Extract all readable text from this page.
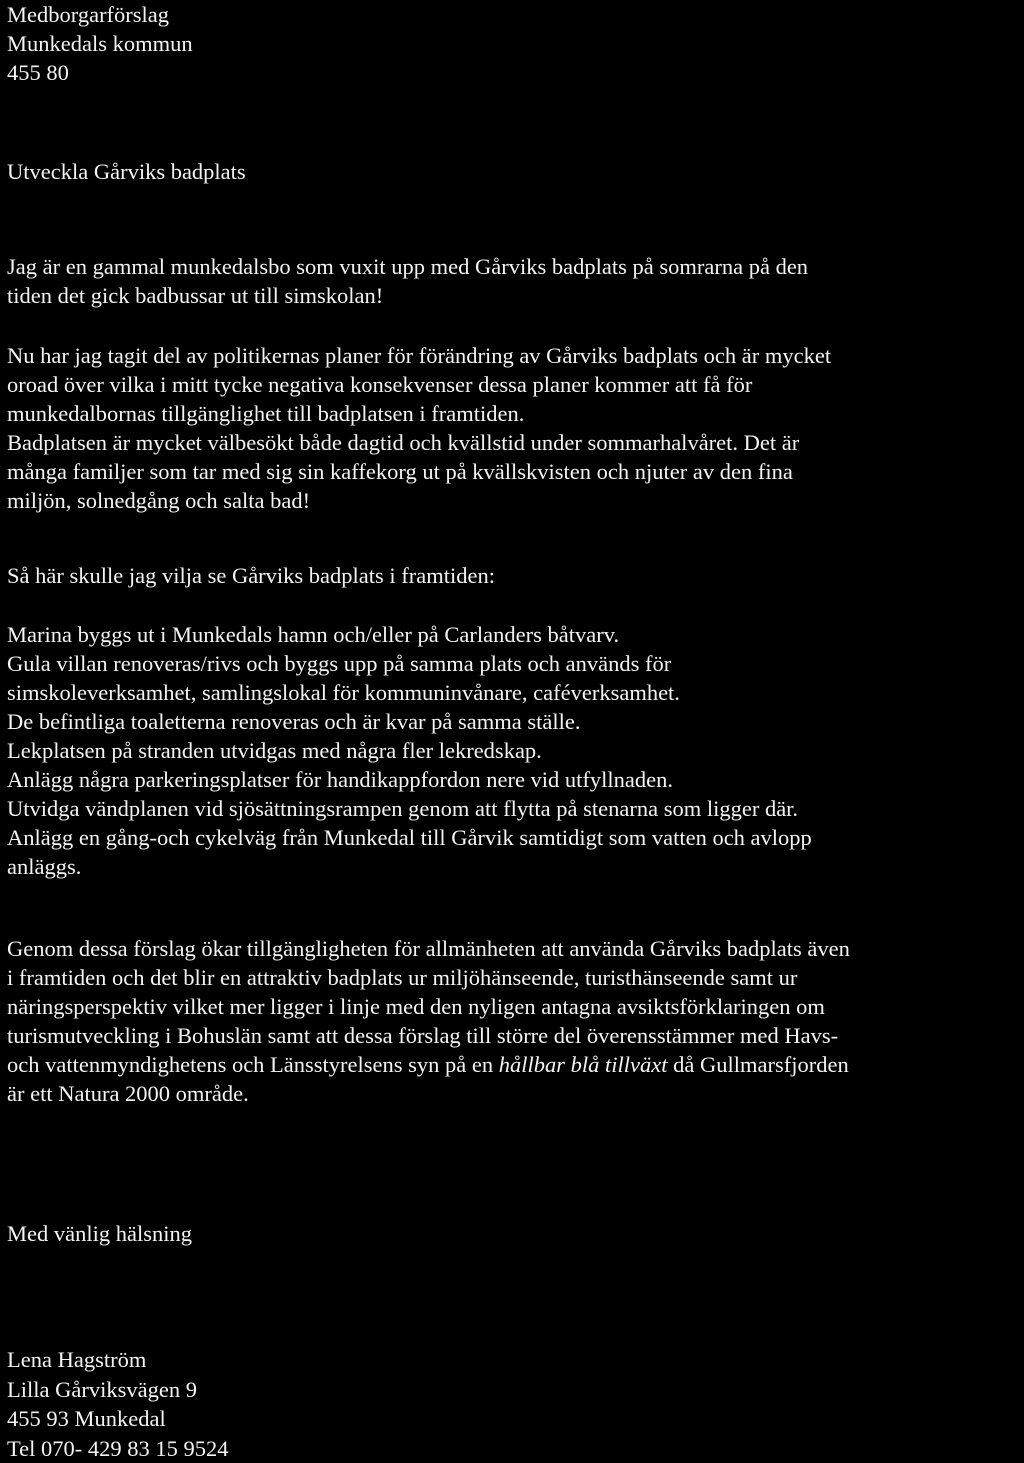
Medborgarförslag
Munkedals kommun
455 80
Utveckla Gårviks badplats
Jag är en gammal munkedalsbo som vuxit upp med Gårviks badplats på somrarna på den
tiden det gick badbussar ut till simskolan!
Nu har jag tagit del av politikernas planer för förändring av Gårviks badplats och är mycket
oroad över vilka i mitt tycke negativa konsekvenser dessa planer kommer att få för
munkedalbornas tillgänglighet till badplatsen i framtiden.
Badplatsen är mycket välbesökt både dagtid och kvällstid under sommarhalvåret. Det är
många familjer som tar med sig sin kaffekorg ut på kvällskvisten och njuter av den fina
miljön, solnedgång och salta bad!
Så här skulle jag vilja se Gårviks badplats i framtiden:
Marina byggs ut i Munkedals hamn och/eller på Carlanders båtvarv.
Gula villan renoveras/rivs och byggs upp på samma plats och används för
simskoleverksamhet, samlingslokal för kommuninvånare, caféverksamhet.
De befintliga toaletterna renoveras och är kvar på samma ställe.
Lekplatsen på stranden utvidgas med några fler lekredskap.
Anlägg några parkeringsplatser för handikappfordon nere vid utfyllnaden.
Utvidga vändplanen vid sjösättningsrampen genom att flytta på stenarna som ligger där.
Anlägg en gång-och cykelväg från Munkedal till Gårvik samtidigt som vatten och avlopp
anläggs.
Genom dessa förslag ökar tillgängligheten för allmänheten att använda Gårviks badplats även
i framtiden och det blir en attraktiv badplats ur miljöhänseende, turisthänseende samt ur
näringsperspektiv vilket mer ligger i linje med den nyligen antagna avsiktsförklaringen om
turismutveckling i Bohuslän samt att dessa förslag till större del överensstämmer med Havs-
och vattenmyndighetens och Länsstyrelsens syn på en hållbar blå tillväxt då Gullmarsfjorden
är ett Natura 2000 område.
Med vänlig hälsning
Lena Hagström
Lilla Gårviksvägen 9
455 93 Munkedal
Tel 070- 429 83 15 9524
